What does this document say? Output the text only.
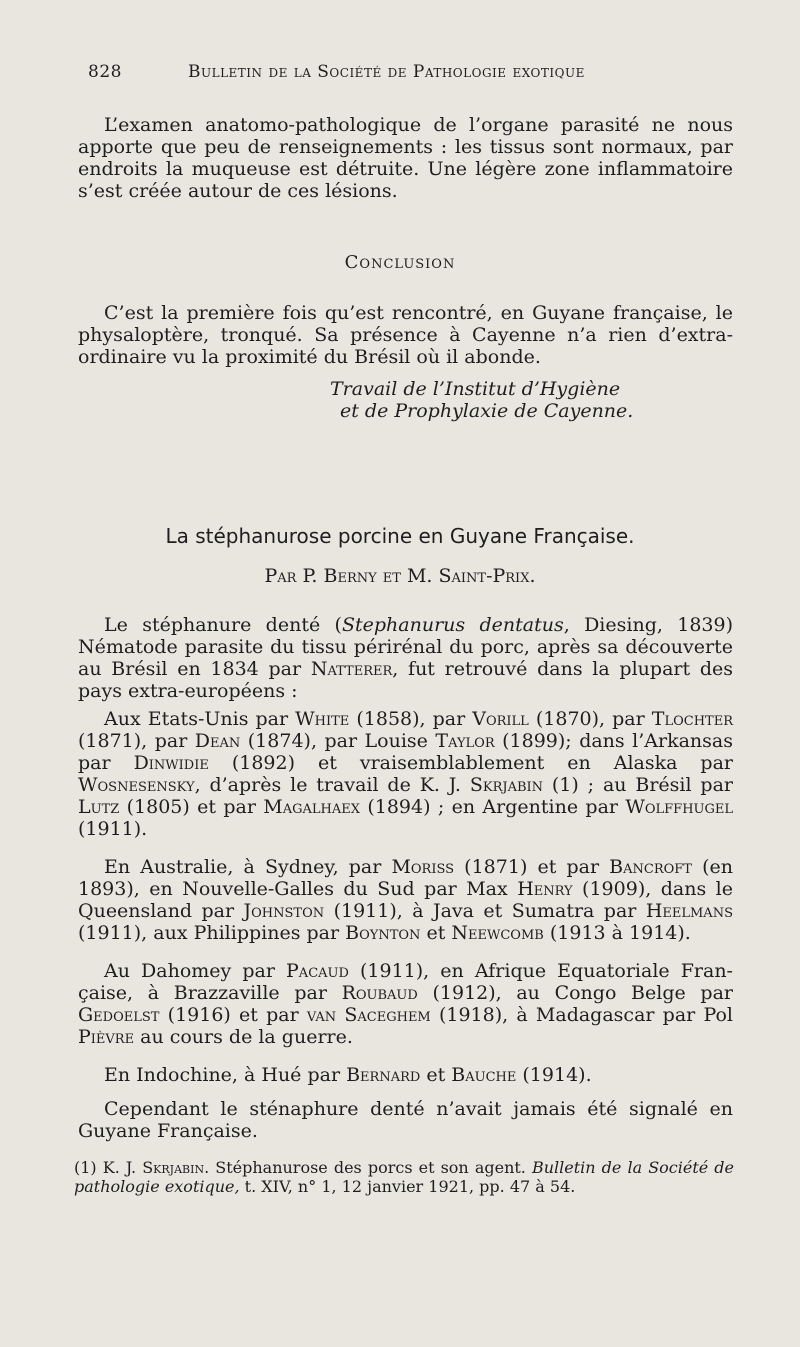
828	Bulletin de la Société de Pathologie exotique
L’examen anatomo-pathologique de l’organe parasité ne nous apporte que peu de renseignements : les tissus sont normaux, par endroits la muqueuse est détruite. Une légère zone inflammatoire s’est créée autour de ces lésions.
Conclusion
C’est la première fois qu’est rencontré, en Guyane française, le physaloptère, tronqué. Sa présence à Cayenne n’a rien d’extra-ordinaire vu la proximité du Brésil où il abonde.
Travail de l’Institut d’Hygiène
et de Prophylaxie de Cayenne.
La stéphanurose porcine en Guyane Française.
Par P. Berny et M. Saint-Prix.
Le stéphanure denté (Stephanurus dentatus, Diesing, 1839) Nématode parasite du tissu périrénal du porc, après sa découverte au Brésil en 1834 par Natterer, fut retrouvé dans la plupart des pays extra-européens :
Aux Etats-Unis par White (1858), par Vorill (1870), par Tlochter (1871), par Dean (1874), par Louise Taylor (1899); dans l’Arkansas par Dinwidie (1892) et vraisemblablement en Alaska par Wosnesensky, d’après le travail de K. J. Skrjabin (1) ; au Brésil par Lutz (1805) et par Magalhaex (1894) ; en Argentine par Wolffhugel (1911).
En Australie, à Sydney, par Moriss (1871) et par Bancroft (en 1893), en Nouvelle-Galles du Sud par Max Henry (1909), dans le Queensland par Johnston (1911), à Java et Sumatra par Heelmans (1911), aux Philippines par Boynton et Neewcomb (1913 à 1914).
Au Dahomey par Pacaud (1911), en Afrique Equatoriale Fran-çaise, à Brazzaville par Roubaud (1912), au Congo Belge par Gedoelst (1916) et par van Saceghem (1918), à Madagascar par Pol Pièvre au cours de la guerre.
En Indochine, à Hué par Bernard et Bauche (1914).
Cependant le sténaphure denté n’avait jamais été signalé en Guyane Française.
(1) K. J. Skrjabin. Stéphanurose des porcs et son agent. Bulletin de la Société de pathologie exotique, t. XIV, n° 1, 12 janvier 1921, pp. 47 à 54.
